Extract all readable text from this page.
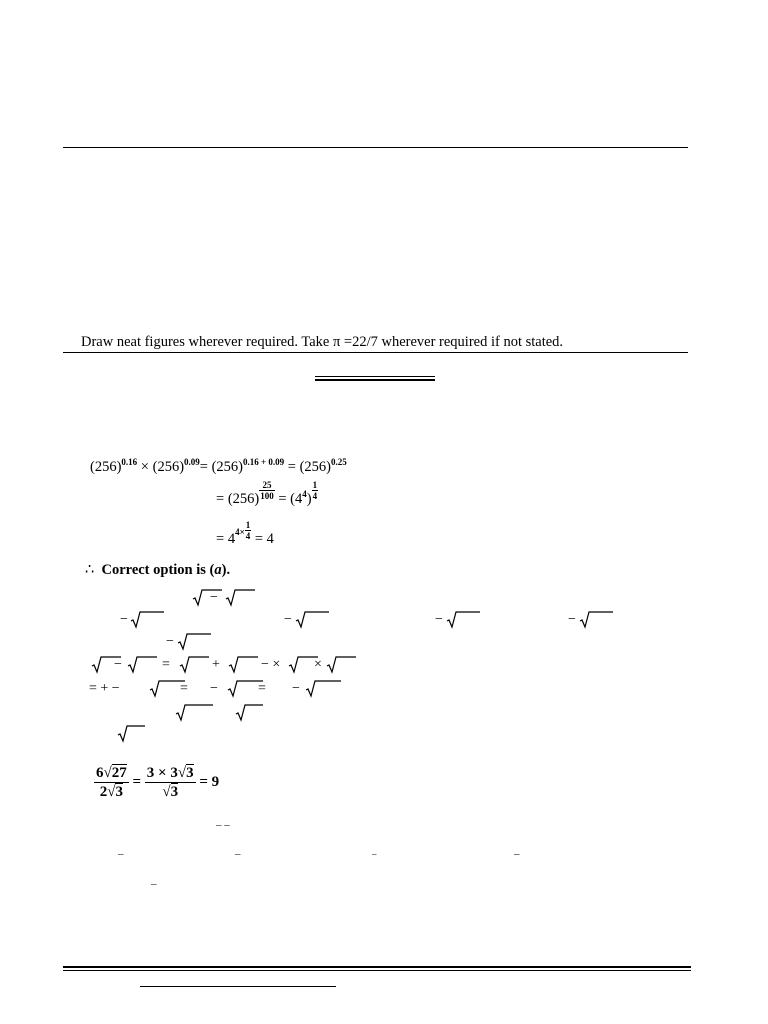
Draw neat figures wherever required. Take π =22/7 wherever required if not stated.
$(256)^{0.16} \times (256)^{0.09}= (256)^{0.16 + 0.09} = (256)^{0.25}$
= $(256) \frac{25}{100} = (4^4) \frac{1}{4}$
= $4^{4\times} \frac{1}{4} = 4$
∴ Correct option is (a).
−
−	−	−	−
−
−	=	+	− × ×
= + −	= −	= −
$\frac{6√27}{2√3} = \frac{3 \times 3√3}{√3} = 9$
– –
–	–	–	–
–
